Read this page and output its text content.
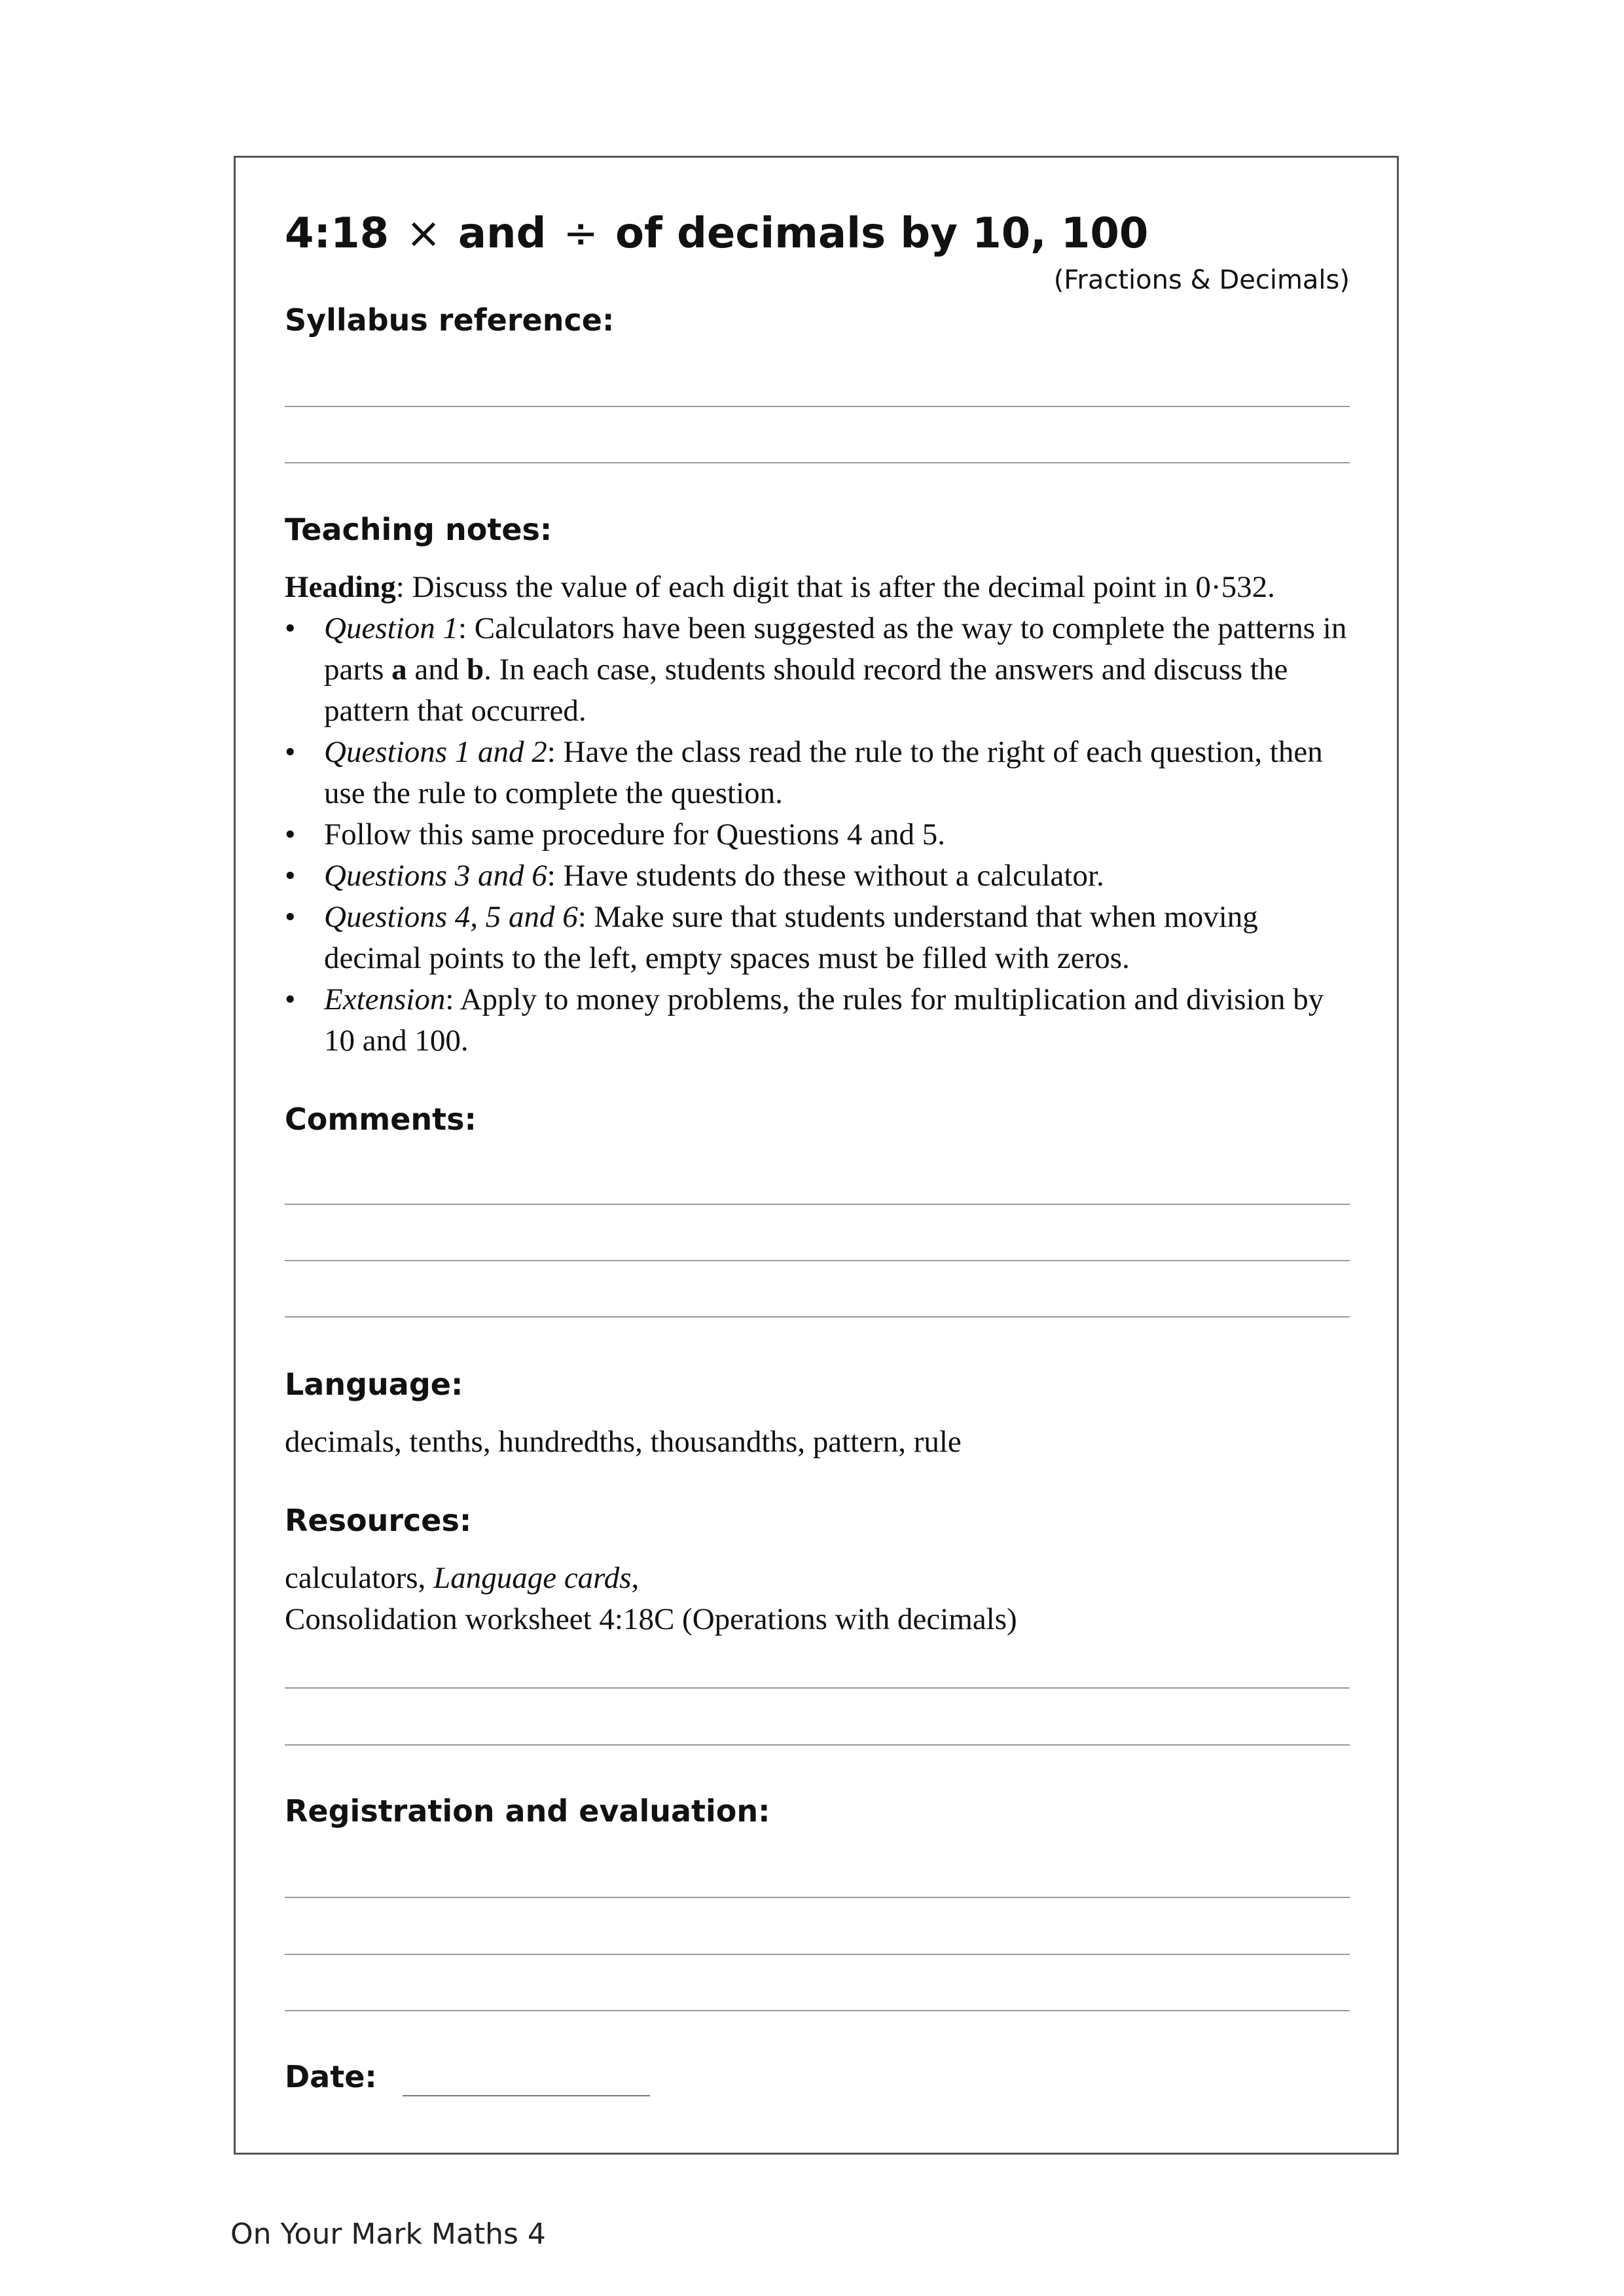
4:18 × and ÷ of decimals by 10, 100
(Fractions & Decimals)
Syllabus reference:
Teaching notes:

Heading: Discuss the value of each digit that is after the decimal point in 0·532.

• Question 1: Calculators have been suggested as the way to complete the patterns in parts a and b. In each case, students should record the answers and discuss the pattern that occurred.
• Questions 1 and 2: Have the class read the rule to the right of each question, then use the rule to complete the question.
• Follow this same procedure for Questions 4 and 5.
• Questions 3 and 6: Have students do these without a calculator.
• Questions 4, 5 and 6: Make sure that students understand that when moving decimal points to the left, empty spaces must be filled with zeros.
• Extension: Apply to money problems, the rules for multiplication and division by 10 and 100.
Comments:
Language:
decimals, tenths, hundredths, thousandths, pattern, rule
Resources:
calculators, Language cards,
Consolidation worksheet 4:18C (Operations with decimals)
Registration and evaluation:
Date:
On Your Mark Maths 4
